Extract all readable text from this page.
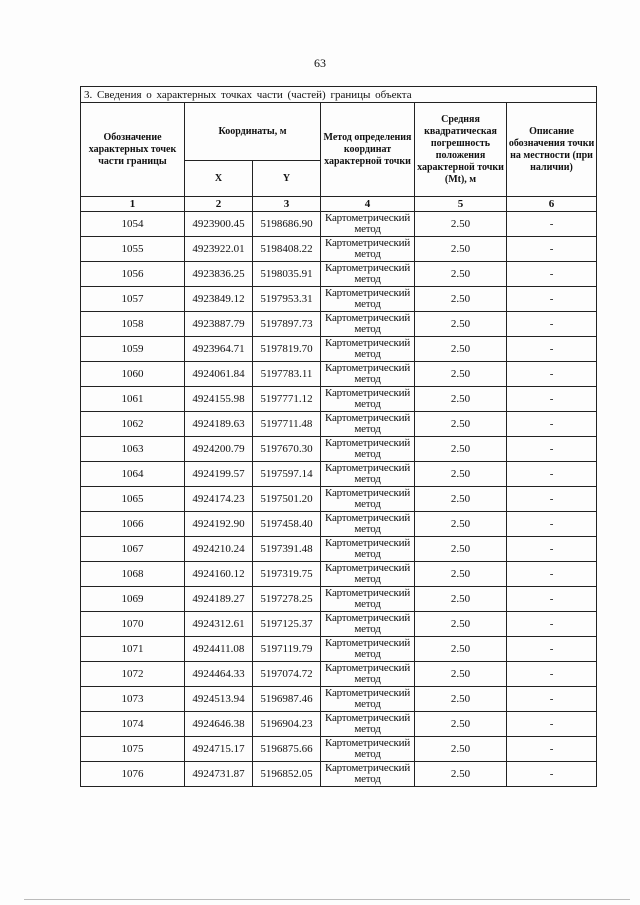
63
3. Сведения о характерных точках части (частей) границы объекта					
Обозначение характерных точек части границы	Координаты, м		Метод определения координат характерной точки	Средняя квадратическая погрешность положения характерной точки (Mt), м	Описание обозначения точки на местности (при наличии)
	X	Y			
1	2	3	4	5	6
1054	4923900.45	5198686.90	Картометрический метод	2.50	-
1055	4923922.01	5198408.22	Картометрический метод	2.50	-
1056	4923836.25	5198035.91	Картометрический метод	2.50	-
1057	4923849.12	5197953.31	Картометрический метод	2.50	-
1058	4923887.79	5197897.73	Картометрический метод	2.50	-
1059	4923964.71	5197819.70	Картометрический метод	2.50	-
1060	4924061.84	5197783.11	Картометрический метод	2.50	-
1061	4924155.98	5197771.12	Картометрический метод	2.50	-
1062	4924189.63	5197711.48	Картометрический метод	2.50	-
1063	4924200.79	5197670.30	Картометрический метод	2.50	-
1064	4924199.57	5197597.14	Картометрический метод	2.50	-
1065	4924174.23	5197501.20	Картометрический метод	2.50	-
1066	4924192.90	5197458.40	Картометрический метод	2.50	-
1067	4924210.24	5197391.48	Картометрический метод	2.50	-
1068	4924160.12	5197319.75	Картометрический метод	2.50	-
1069	4924189.27	5197278.25	Картометрический метод	2.50	-
1070	4924312.61	5197125.37	Картометрический метод	2.50	-
1071	4924411.08	5197119.79	Картометрический метод	2.50	-
1072	4924464.33	5197074.72	Картометрический метод	2.50	-
1073	4924513.94	5196987.46	Картометрический метод	2.50	-
1074	4924646.38	5196904.23	Картометрический метод	2.50	-
1075	4924715.17	5196875.66	Картометрический метод	2.50	-
1076	4924731.87	5196852.05	Картометрический метод	2.50	-
